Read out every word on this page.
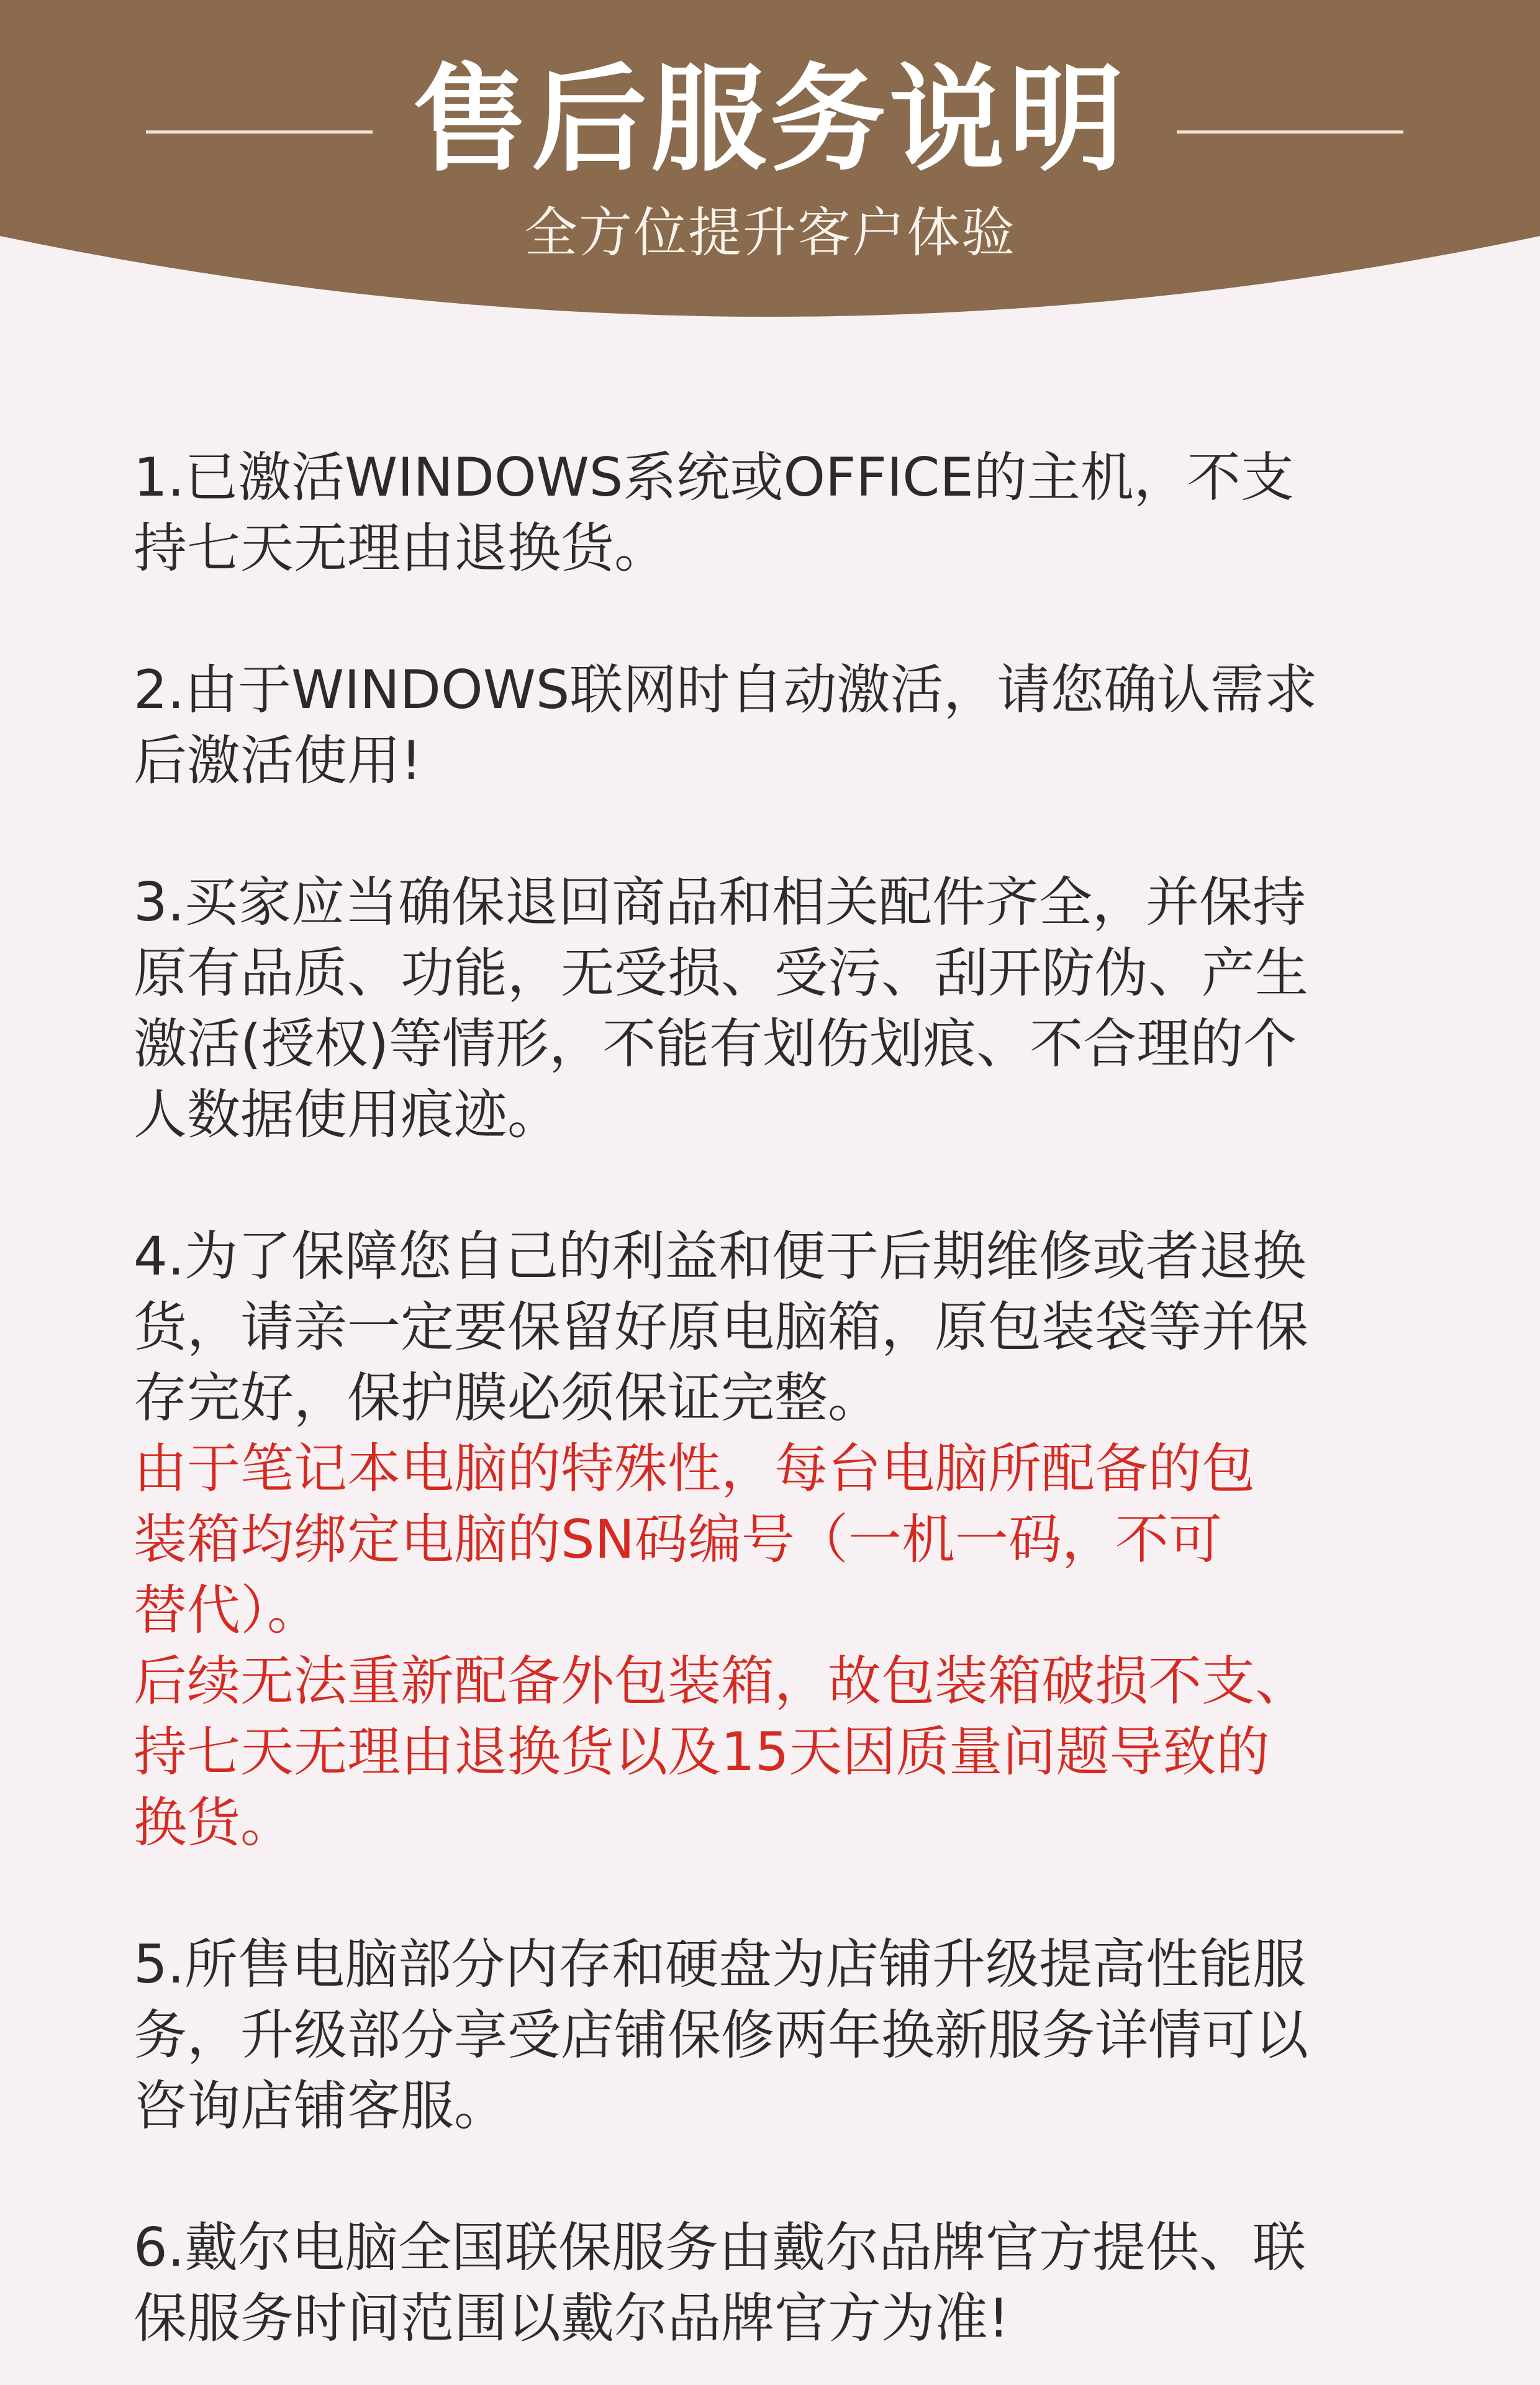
售后服务说明
全方位提升客户体验

1.已激活WINDOWS系统或OFFICE的主机，不支
持七天无理由退换货。

2.由于WINDOWS联网时自动激活，请您确认需求
后激活使用!

3.买家应当确保退回商品和相关配件齐全，并保持
原有品质、功能，无受损、受污、刮开防伪、产生
激活(授权)等情形，不能有划伤划痕、不合理的个
人数据使用痕迹。

4.为了保障您自己的利益和便于后期维修或者退换
货，请亲一定要保留好原电脑箱，原包装袋等并保
存完好，保护膜必须保证完整。

由于笔记本电脑的特殊性，每台电脑所配备的包
装箱均绑定电脑的SN码编号（一机一码，不可
替代）。

后续无法重新配备外包装箱，故包装箱破损不支、
持七天无理由退换货以及15天因质量问题导致的
换货。

5.所售电脑部分内存和硬盘为店铺升级提高性能服
务，升级部分享受店铺保修两年换新服务详情可以
咨询店铺客服。

6.戴尔电脑全国联保服务由戴尔品牌官方提供、联
保服务时间范围以戴尔品牌官方为准!
